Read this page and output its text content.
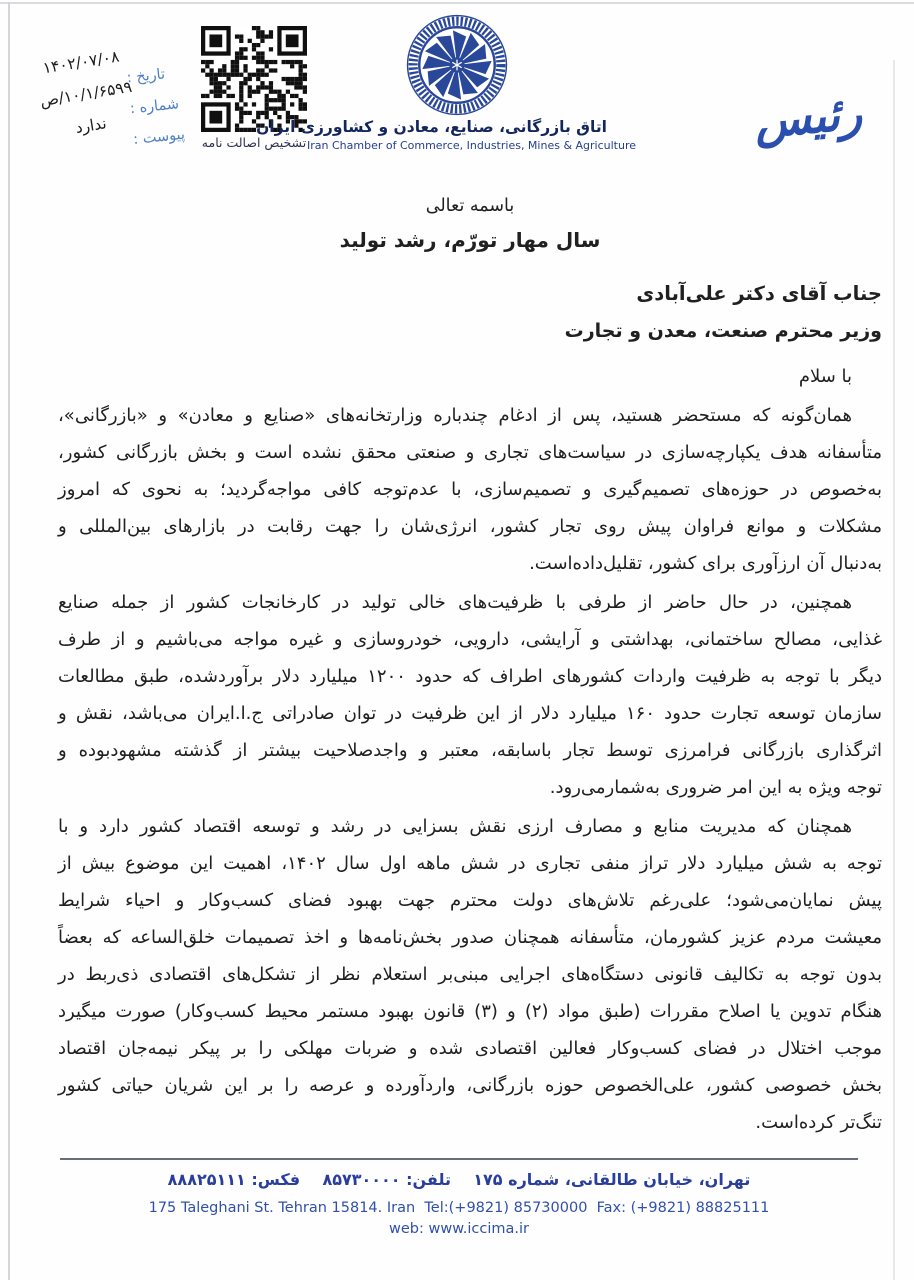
۱۴۰۲/۰۷/۰۸
۱۰/۱/۶۵۹۹/ص
ندارد
تاریخ :
شماره :
پیوست :	تشخیص اصالت نامه
اتاق بازرگانی، صنایع، معادن و کشاورزی ایران
Iran Chamber of Commerce, Industries, Mines & Agriculture	رئیس
باسمه تعالی
سال مهار تورّم، رشد تولید
جناب آقای دکتر علی‌آبادی
وزیر محترم صنعت، معدن و تجارت
با سلام
همان‌گونه که مستحضر هستید، پس از ادغام چندباره وزارتخانه‌های «صنایع و معادن» و «بازرگانی»،
متأسفانه هدف یکپارچه‌سازی در سیاست‌های تجاری و صنعتی محقق نشده است و بخش بازرگانی کشور،
به‌خصوص در حوزه‌های تصمیم‌گیری و تصمیم‌سازی، با عدم‌توجه کافی مواجه‌گردید؛ به نحوی که امروز
مشکلات و موانع فراوان پیش روی تجار کشور، انرژی‌شان را جهت رقابت در بازارهای بین‌المللی و
به‌دنبال آن ارزآوری برای کشور، تقلیل‌داده‌است.
همچنین، در حال حاضر از طرفی با ظرفیت‌های خالی تولید در کارخانجات کشور از جمله صنایع
غذایی، مصالح ساختمانی، بهداشتی و آرایشی، دارویی، خودروسازی و غیره مواجه می‌باشیم و از طرف
دیگر با توجه به ظرفیت واردات کشورهای اطراف که حدود ۱۲۰۰ میلیارد دلار برآوردشده، طبق مطالعات
سازمان توسعه تجارت حدود ۱۶۰ میلیارد دلار از این ظرفیت در توان صادراتی ج.ا.ایران می‌باشد، نقش و
اثرگذاری بازرگانی فرامرزی توسط تجار باسابقه، معتبر و واجدصلاحیت بیشتر از گذشته مشهودبوده و
توجه ویژه به این امر ضروری به‌شمارمی‌رود.
همچنان که مدیریت منابع و مصارف ارزی نقش بسزایی در رشد و توسعه اقتصاد کشور دارد و با
توجه به شش میلیارد دلار تراز منفی تجاری در شش ماهه اول سال ۱۴۰۲، اهمیت این موضوع بیش از
پیش نمایان‌می‌شود؛ علی‌رغم تلاش‌های دولت محترم جهت بهبود فضای کسب‌وکار و احیاء شرایط
معیشت مردم عزیز کشورمان، متأسفانه همچنان صدور بخش‌نامه‌ها و اخذ تصمیمات خلق‌الساعه که بعضاً
بدون توجه به تکالیف قانونی دستگاه‌های اجرایی مبنی‌بر استعلام نظر از تشکل‌های اقتصادی ذی‌ربط در
هنگام تدوین یا اصلاح مقررات (طبق مواد (۲) و (۳) قانون بهبود مستمر محیط کسب‌وکار) صورت میگیرد
موجب اختلال در فضای کسب‌وکار فعالین اقتصادی شده و ضربات مهلکی را بر پیکر نیمه‌جان اقتصاد
بخش خصوصی کشور، علی‌الخصوص حوزه بازرگانی، واردآورده و عرصه را بر این شریان حیاتی کشور
تنگ‌تر کرده‌است.
تهران، خیابان طالقانی، شماره ۱۷۵    تلفن: ۸۵۷۳۰۰۰۰    فکس: ۸۸۸۲۵۱۱۱
175 Taleghani St. Tehran 15814. Iran  Tel:(+9821) 85730000  Fax: (+9821) 88825111
web: www.iccima.ir
